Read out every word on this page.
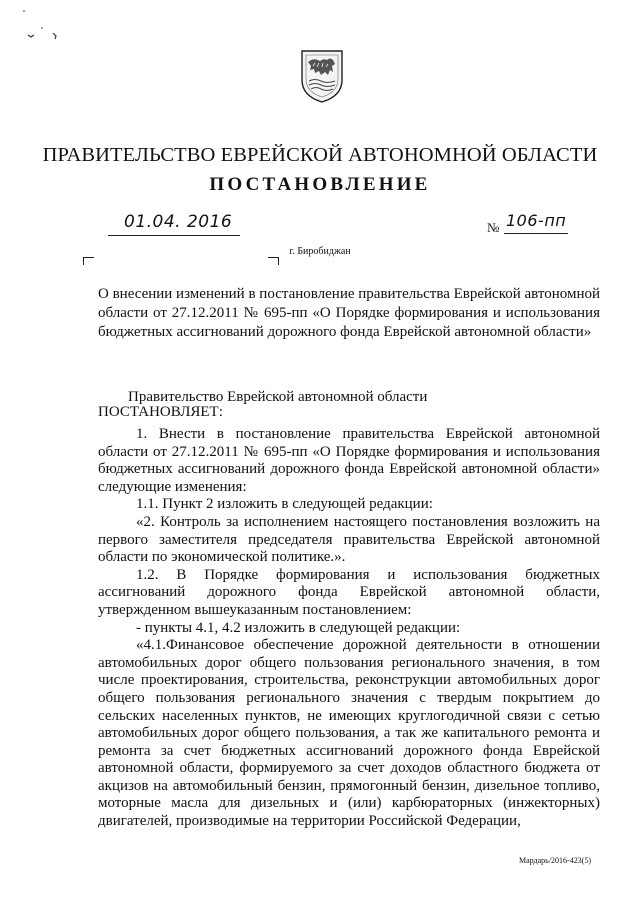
ПРАВИТЕЛЬСТВО ЕВРЕЙСКОЙ АВТОНОМНОЙ ОБЛАСТИ
ПОСТАНОВЛЕНИЕ
01.04. 2016	№ 106-пп
г. Биробиджан
О внесении изменений в постановление правительства Еврейской автономной области от 27.12.2011 № 695-пп «О Порядке формирования и использования бюджетных ассигнований дорожного фонда Еврейской автономной области»
Правительство Еврейской автономной области
ПОСТАНОВЛЯЕТ:

1. Внести в постановление правительства Еврейской автономной области от 27.12.2011 № 695-пп «О Порядке формирования и использования бюджетных ассигнований дорожного фонда Еврейской автономной области» следующие изменения:

1.1. Пункт 2 изложить в следующей редакции:

«2. Контроль за исполнением настоящего постановления возложить на первого заместителя председателя правительства Еврейской автономной области по экономической политике.».

1.2. В Порядке формирования и использования бюджетных ассигнований дорожного фонда Еврейской автономной области, утвержденном вышеуказанным постановлением:

- пункты 4.1, 4.2 изложить в следующей редакции:

«4.1.Финансовое обеспечение дорожной деятельности в отношении автомобильных дорог общего пользования регионального значения, в том числе проектирования, строительства, реконструкции автомобильных дорог общего пользования регионального значения с твердым покрытием до сельских населенных пунктов, не имеющих круглогодичной связи с сетью автомобильных дорог общего пользования, а так же капитального ремонта и ремонта за счет бюджетных ассигнований дорожного фонда Еврейской автономной области, формируемого за счет доходов областного бюджета от акцизов на автомобильный бензин, прямогонный бензин, дизельное топливо, моторные масла для дизельных и (или) карбюраторных (инжекторных) двигателей, производимые на территории Российской Федерации,

Мардарь/2016-423(5)
